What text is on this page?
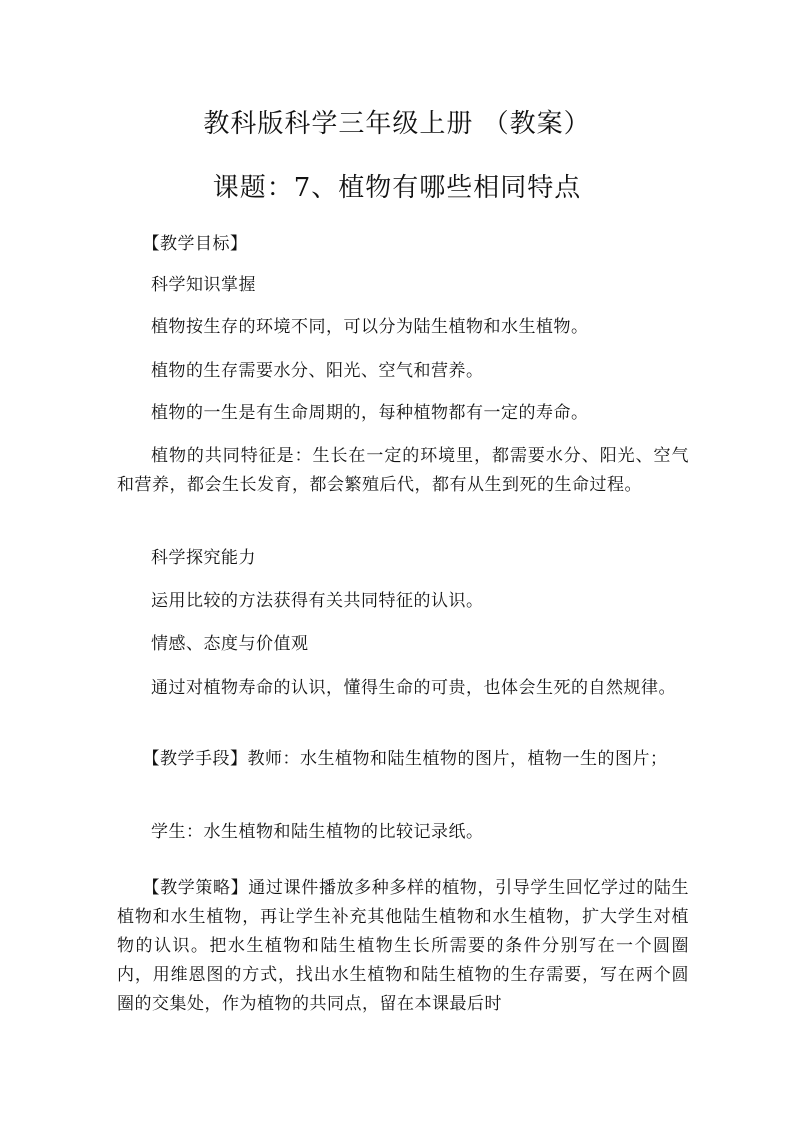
教科版科学三年级上册 （教案）
课题：7、植物有哪些相同特点

【教学目标】

科学知识掌握

植物按生存的环境不同，可以分为陆生植物和水生植物。

植物的生存需要水分、阳光、空气和营养。

植物的一生是有生命周期的，每种植物都有一定的寿命。

植物的共同特征是：生长在一定的环境里，都需要水分、阳光、空气和营养，都会生长发育，都会繁殖后代，都有从生到死的生命过程。

科学探究能力

运用比较的方法获得有关共同特征的认识。

情感、态度与价值观

通过对植物寿命的认识，懂得生命的可贵，也体会生死的自然规律。

【教学手段】教师：水生植物和陆生植物的图片，植物一生的图片；

学生：水生植物和陆生植物的比较记录纸。

【教学策略】通过课件播放多种多样的植物，引导学生回忆学过的陆生植物和水生植物，再让学生补充其他陆生植物和水生植物，扩大学生对植物的认识。把水生植物和陆生植物生长所需要的条件分别写在一个圆圈内，用维恩图的方式，找出水生植物和陆生植物的生存需要，写在两个圆圈的交集处，作为植物的共同点，留在本课最后时
